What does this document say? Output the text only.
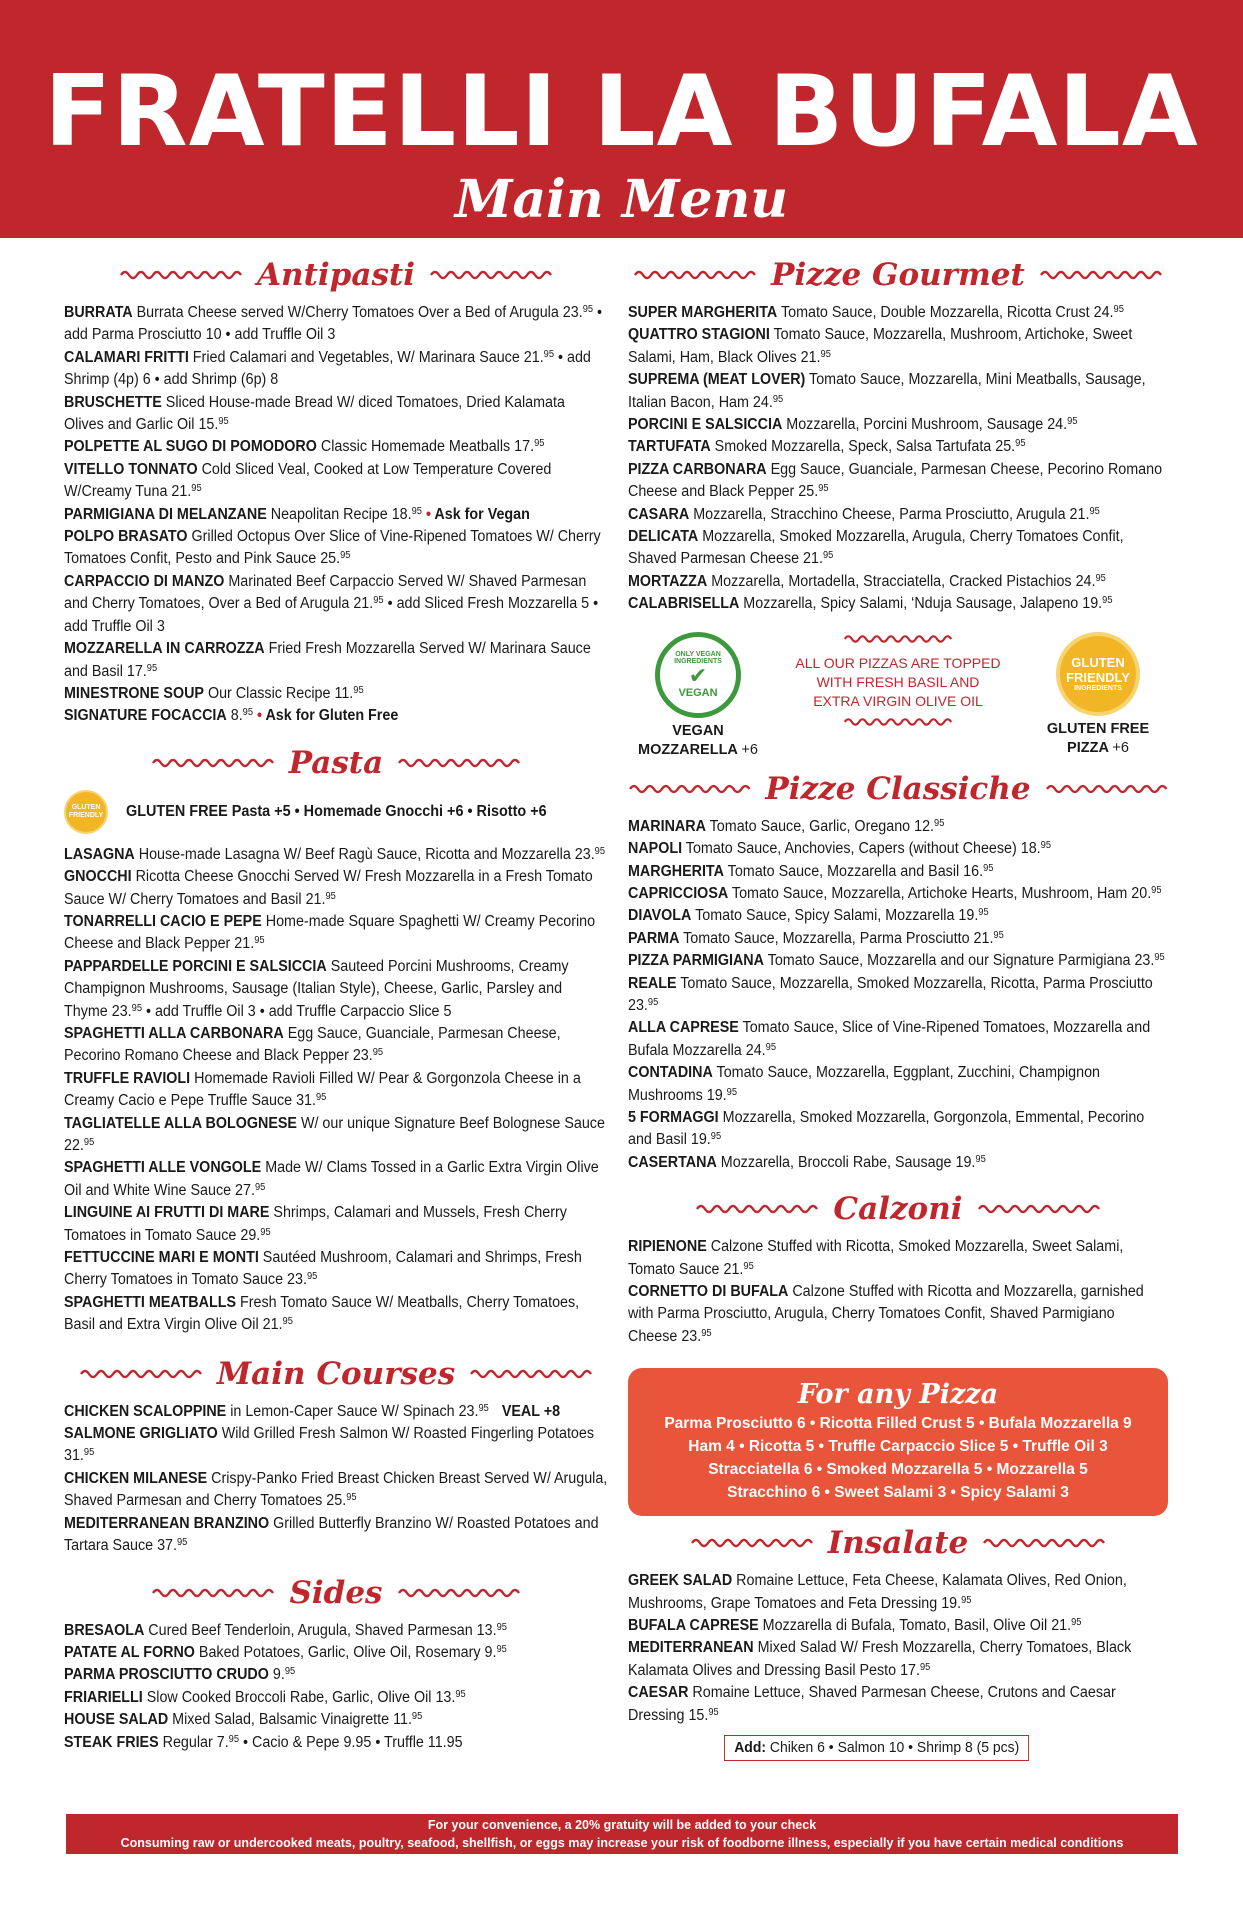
FRATELLI LA BUFALA
Main Menu
Antipasti
BURRATA Burrata Cheese served W/Cherry Tomatoes Over a Bed of Arugula 23.95 • add Parma Prosciutto 10 • add Truffle Oil 3
CALAMARI FRITTI Fried Calamari and Vegetables, W/ Marinara Sauce 21.95 • add Shrimp (4p) 6 • add Shrimp (6p) 8
BRUSCHETTE Sliced House-made Bread W/ diced Tomatoes, Dried Kalamata Olives and Garlic Oil 15.95
POLPETTE AL SUGO DI POMODORO Classic Homemade Meatballs 17.95
VITELLO TONNATO Cold Sliced Veal, Cooked at Low Temperature Covered W/Creamy Tuna 21.95
PARMIGIANA DI MELANZANE Neapolitan Recipe 18.95 • Ask for Vegan
POLPO BRASATO Grilled Octopus Over Slice of Vine-Ripened Tomatoes W/ Cherry Tomatoes Confit, Pesto and Pink Sauce 25.95
CARPACCIO DI MANZO Marinated Beef Carpaccio Served W/ Shaved Parmesan and Cherry Tomatoes, Over a Bed of Arugula 21.95 • add Sliced Fresh Mozzarella 5 • add Truffle Oil 3
MOZZARELLA IN CARROZZA Fried Fresh Mozzarella Served W/ Marinara Sauce and Basil 17.95
MINESTRONE SOUP Our Classic Recipe 11.95
SIGNATURE FOCACCIA 8.95 • Ask for Gluten Free
Pasta
GLUTEN
FRIENDLY GLUTEN FREE Pasta +5 • Homemade Gnocchi +6 • Risotto +6
LASAGNA House-made Lasagna W/ Beef Ragù Sauce, Ricotta and Mozzarella 23.95
GNOCCHI Ricotta Cheese Gnocchi Served W/ Fresh Mozzarella in a Fresh Tomato Sauce W/ Cherry Tomatoes and Basil 21.95
TONARRELLI CACIO E PEPE Home-made Square Spaghetti W/ Creamy Pecorino Cheese and Black Pepper 21.95
PAPPARDELLE PORCINI E SALSICCIA Sauteed Porcini Mushrooms, Creamy Champignon Mushrooms, Sausage (Italian Style), Cheese, Garlic, Parsley and Thyme 23.95 • add Truffle Oil 3 • add Truffle Carpaccio Slice 5
SPAGHETTI ALLA CARBONARA Egg Sauce, Guanciale, Parmesan Cheese, Pecorino Romano Cheese and Black Pepper 23.95
TRUFFLE RAVIOLI Homemade Ravioli Filled W/ Pear & Gorgonzola Cheese in a Creamy Cacio e Pepe Truffle Sauce 31.95
TAGLIATELLE ALLA BOLOGNESE W/ our unique Signature Beef Bolognese Sauce 22.95
SPAGHETTI ALLE VONGOLE Made W/ Clams Tossed in a Garlic Extra Virgin Olive Oil and White Wine Sauce 27.95
LINGUINE AI FRUTTI DI MARE Shrimps, Calamari and Mussels, Fresh Cherry Tomatoes in Tomato Sauce 29.95
FETTUCCINE MARI E MONTI Sautéed Mushroom, Calamari and Shrimps, Fresh Cherry Tomatoes in Tomato Sauce 23.95
SPAGHETTI MEATBALLS Fresh Tomato Sauce W/ Meatballs, Cherry Tomatoes, Basil and Extra Virgin Olive Oil 21.95
Main Courses
CHICKEN SCALOPPINE in Lemon-Caper Sauce W/ Spinach 23.95 VEAL +8
SALMONE GRIGLIATO Wild Grilled Fresh Salmon W/ Roasted Fingerling Potatoes 31.95
CHICKEN MILANESE Crispy-Panko Fried Breast Chicken Breast Served W/ Arugula, Shaved Parmesan and Cherry Tomatoes 25.95
MEDITERRANEAN BRANZINO Grilled Butterfly Branzino W/ Roasted Potatoes and Tartara Sauce 37.95
Sides
BRESAOLA Cured Beef Tenderloin, Arugula, Shaved Parmesan 13.95
PATATE AL FORNO Baked Potatoes, Garlic, Olive Oil, Rosemary 9.95
PARMA PROSCIUTTO CRUDO 9.95
FRIARIELLI Slow Cooked Broccoli Rabe, Garlic, Olive Oil 13.95
HOUSE SALAD Mixed Salad, Balsamic Vinaigrette 11.95
STEAK FRIES Regular 7.95 • Cacio & Pepe 9.95 • Truffle 11.95
Pizze Gourmet
SUPER MARGHERITA Tomato Sauce, Double Mozzarella, Ricotta Crust 24.95
QUATTRO STAGIONI Tomato Sauce, Mozzarella, Mushroom, Artichoke, Sweet Salami, Ham, Black Olives 21.95
SUPREMA (MEAT LOVER) Tomato Sauce, Mozzarella, Mini Meatballs, Sausage, Italian Bacon, Ham 24.95
PORCINI E SALSICCIA Mozzarella, Porcini Mushroom, Sausage 24.95
TARTUFATA Smoked Mozzarella, Speck, Salsa Tartufata 25.95
PIZZA CARBONARA Egg Sauce, Guanciale, Parmesan Cheese, Pecorino Romano Cheese and Black Pepper 25.95
CASARA Mozzarella, Stracchino Cheese, Parma Prosciutto, Arugula 21.95
DELICATA Mozzarella, Smoked Mozzarella, Arugula, Cherry Tomatoes Confit, Shaved Parmesan Cheese 21.95
MORTAZZA Mozzarella, Mortadella, Stracciatella, Cracked Pistachios 24.95
CALABRISELLA Mozzarella, Spicy Salami, ‘Nduja Sausage, Jalapeno 19.95
ONLY VEGAN INGREDIENTS
✔
VEGAN
VEGAN MOZZARELLA +6
ALL OUR PIZZAS ARE TOPPED WITH FRESH BASIL AND EXTRA VIRGIN OLIVE OIL
GLUTEN
FRIENDLY
INGREDIENTS
GLUTEN FREE PIZZA +6
Pizze Classiche
MARINARA Tomato Sauce, Garlic, Oregano 12.95
NAPOLI Tomato Sauce, Anchovies, Capers (without Cheese) 18.95
MARGHERITA Tomato Sauce, Mozzarella and Basil 16.95
CAPRICCIOSA Tomato Sauce, Mozzarella, Artichoke Hearts, Mushroom, Ham 20.95
DIAVOLA Tomato Sauce, Spicy Salami, Mozzarella 19.95
PARMA Tomato Sauce, Mozzarella, Parma Prosciutto 21.95
PIZZA PARMIGIANA Tomato Sauce, Mozzarella and our Signature Parmigiana 23.95
REALE Tomato Sauce, Mozzarella, Smoked Mozzarella, Ricotta, Parma Prosciutto 23.95
ALLA CAPRESE Tomato Sauce, Slice of Vine-Ripened Tomatoes, Mozzarella and Bufala Mozzarella 24.95
CONTADINA Tomato Sauce, Mozzarella, Eggplant, Zucchini, Champignon Mushrooms 19.95
5 FORMAGGI Mozzarella, Smoked Mozzarella, Gorgonzola, Emmental, Pecorino and Basil 19.95
CASERTANA Mozzarella, Broccoli Rabe, Sausage 19.95
Calzoni
RIPIENONE Calzone Stuffed with Ricotta, Smoked Mozzarella, Sweet Salami, Tomato Sauce 21.95
CORNETTO DI BUFALA Calzone Stuffed with Ricotta and Mozzarella, garnished with Parma Prosciutto, Arugula, Cherry Tomatoes Confit, Shaved Parmigiano Cheese 23.95
For any Pizza
Parma Prosciutto 6 • Ricotta Filled Crust 5 • Bufala Mozzarella 9
Ham 4 • Ricotta 5 • Truffle Carpaccio Slice 5 • Truffle Oil 3
Stracciatella 6 • Smoked Mozzarella 5 • Mozzarella 5
Stracchino 6 • Sweet Salami 3 • Spicy Salami 3
Insalate
GREEK SALAD Romaine Lettuce, Feta Cheese, Kalamata Olives, Red Onion, Mushrooms, Grape Tomatoes and Feta Dressing 19.95
BUFALA CAPRESE Mozzarella di Bufala, Tomato, Basil, Olive Oil 21.95
MEDITERRANEAN Mixed Salad W/ Fresh Mozzarella, Cherry Tomatoes, Black Kalamata Olives and Dressing Basil Pesto 17.95
CAESAR Romaine Lettuce, Shaved Parmesan Cheese, Crutons and Caesar Dressing 15.95
Add: Chiken 6 • Salmon 10 • Shrimp 8 (5 pcs)
For your convenience, a 20% gratuity will be added to your check
Consuming raw or undercooked meats, poultry, seafood, shellfish, or eggs may increase your risk of foodborne illness, especially if you have certain medical conditions
